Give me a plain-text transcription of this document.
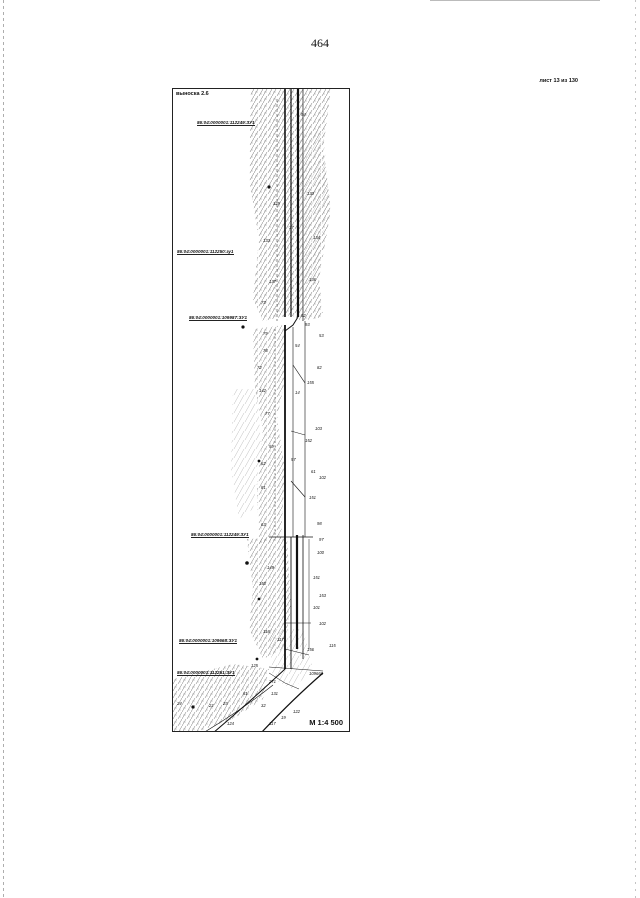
464
лист 13 из 130
выноска 2.6
М 1:4 500
86:04:0000001:112249:ЗУ1
86:04:0000001:112250:зу1
86:04:0000001:109987:ЗУ1
86:04:0000001:112249:ЗУ1
86:04:0000001:109668:ЗУ1
86:04:0000001:112251:ЗУ1
94
130
129
37
134
133
137	136
73
92
93
53
79
54
78
82
72
155
14
142
77
103
59
152
62
57
61
102
81
151
63	98
97
100
149
151
150
153
101
102
118
115
117
156
125
109668
271
81	131
24	22 23	32
122
124	117
19
